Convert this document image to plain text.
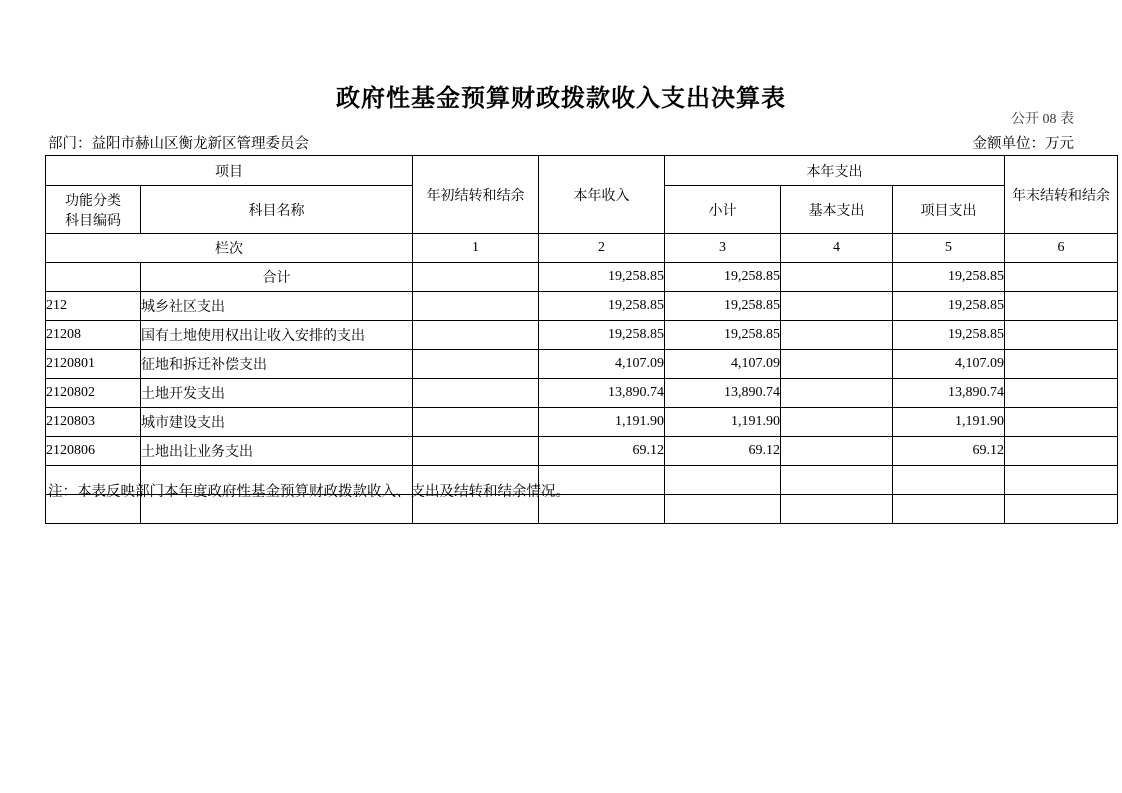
政府性基金预算财政拨款收入支出决算表
公开 08 表
部门：益阳市赫山区衡龙新区管理委员会	金额单位：万元
项目		年初结转和结余	本年收入	本年支出			年末结转和结余

功能分类
科目编码	科目名称			小计	基本支出	项目支出	
栏次		1	2	3	4	5	6
	合计		19,258.85	19,258.85		19,258.85	
212	城乡社区支出		19,258.85	19,258.85		19,258.85	
21208	国有土地使用权出让收入安排的支出		19,258.85	19,258.85		19,258.85	
2120801	征地和拆迁补偿支出		4,107.09	4,107.09		4,107.09	
2120802	土地开发支出		13,890.74	13,890.74		13,890.74	
2120803	城市建设支出		1,191.90	1,191.90		1,191.90	
2120806	土地出让业务支出		69.12	69.12		69.12	

注：本表反映部门本年度政府性基金预算财政拨款收入、支出及结转和结余情况。
